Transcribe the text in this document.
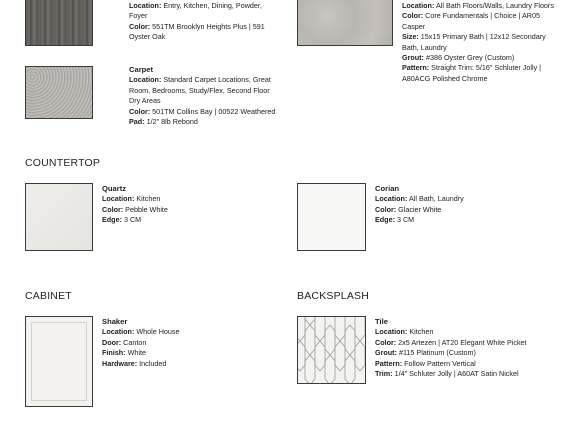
Location: Entry, Kitchen, Dining, Powder, Foyer
Color: 551TM Brooklyn Heights Plus | 591 Oyster Oak
Location: All Bath Floors/Walls, Laundry Floors
Color: Core Fundamentals | Choice | AR05 Casper
Size: 15x15 Primary Bath | 12x12 Secondary Bath, Laundry
Grout: #386 Oyster Grey (Custom)
Pattern: Straight Trim: 5/16" Schluter Jolly | A80ACG Polished Chrome
Carpet
Location: Standard Carpet Locations, Great Room, Bedrooms, Study/Flex, Second Floor Dry Areas
Color: 501TM Collins Bay | 00522 Weathered
Pad: 1/2" 8lb Rebond
COUNTERTOP
Quartz
Location: Kitchen
Color: Pebble White
Edge: 3 CM
Corian
Location: All Bath, Laundry
Color: Glacier White
Edge: 3 CM
CABINET
Shaker
Location: Whole House
Door: Canton
Finish: White
Hardware: Included
BACKSPLASH
Tile
Location: Kitchen
Color: 2x5 Artezen | AT20 Elegant White Picket
Grout: #115 Platinum (Custom)
Pattern: Follow Pattern Vertical
Trim: 1/4" Schluter Jolly | A60AT Satin Nickel
